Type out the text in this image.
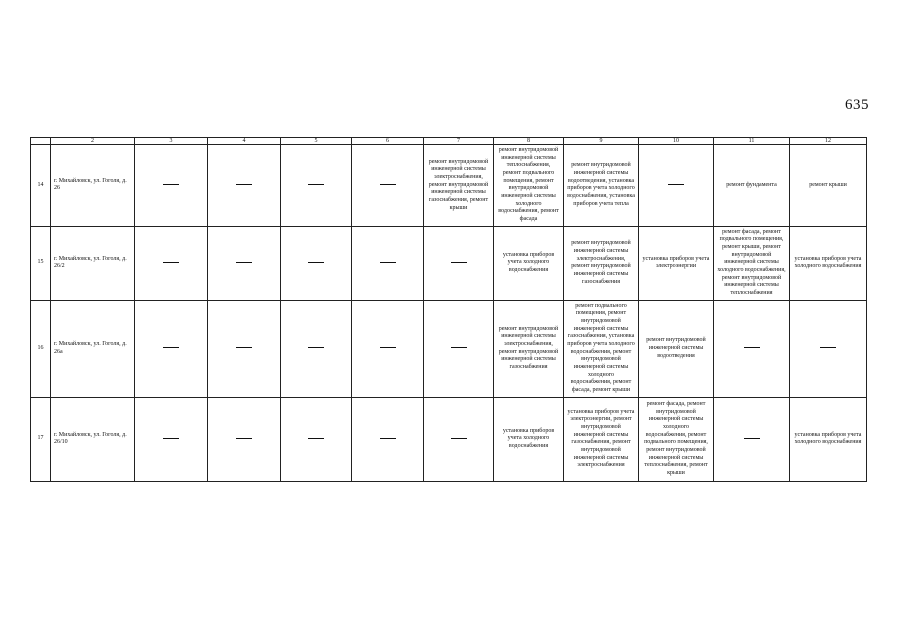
635
	2	3	4	5	6	7	8	9	10	11	12
14	г. Михайловск, ул. Гоголя, д. 26					ремонт внутридомовой инженерной системы электроснабжения, ремонт внутридомовой инженерной системы газоснабжения, ремонт крыши	ремонт внутридомовой инженерной системы теплоснабжения, ремонт подвального помещения, ремонт внутридомовой инженерной системы холодного водоснабжения, ремонт фасада	ремонт внутридомовой инженерной системы водоотведения, установка приборов учета холодного водоснабжения, установка приборов учета тепла		ремонт фундамента	ремонт крыши
15	г. Михайловск, ул. Гоголя, д. 26/2						установка приборов учета холодного водоснабжения	ремонт внутридомовой инженерной системы электроснабжения, ремонт внутридомовой инженерной системы газоснабжения	установка приборов учета электроэнергии	ремонт фасада, ремонт подвального помещения, ремонт крыши, ремонт внутридомовой инженерной системы холодного водоснабжения, ремонт внутридомовой инженерной системы теплоснабжения	установка приборов учета холодного водоснабжения
16	г. Михайловск, ул. Гоголя, д. 26а						ремонт внутридомовой инженерной системы электроснабжения, ремонт внутридомовой инженерной системы газоснабжения	ремонт подвального помещения, ремонт внутридомовой инженерной системы газоснабжения, установка приборов учета холодного водоснабжения, ремонт внутридомовой инженерной системы холодного водоснабжения, ремонт фасада, ремонт крыши	ремонт внутридомовой инженерной системы водоотведения		
17	г. Михайловск, ул. Гоголя, д. 26/10						установка приборов учета холодного водоснабжения	установка приборов учета электроэнергии, ремонт внутридомовой инженерной системы газоснабжения, ремонт внутридомовой инженерной системы электроснабжения	ремонт фасада, ремонт внутридомовой инженерной системы холодного водоснабжения, ремонт подвального помещения, ремонт внутридомовой инженерной системы теплоснабжения, ремонт крыши		установка приборов учета холодного водоснабжения
